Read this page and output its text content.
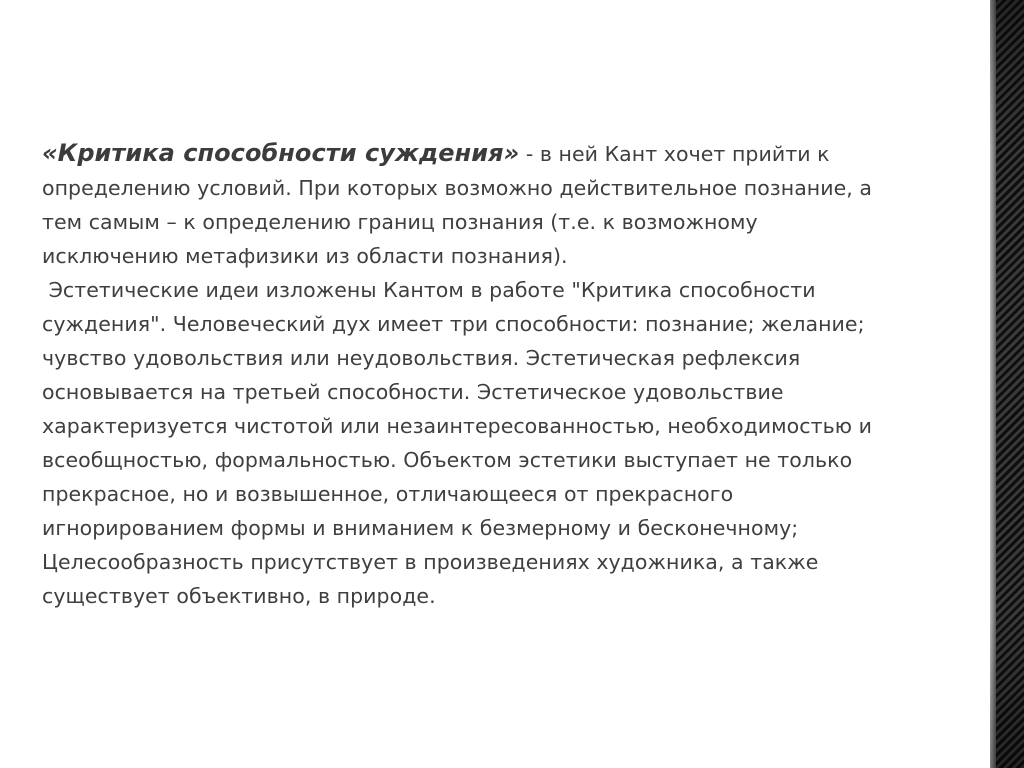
«Критика способности суждения» - в ней Кант хочет прийти к
определению условий. При которых возможно действительное познание, а
тем самым – к определению границ познания (т.е. к возможному
исключению метафизики из области познания).
Эстетические идеи изложены Кантом в работе "Критика способности
суждения". Человеческий дух имеет три способности: познание; желание;
чувство удовольствия или неудовольствия. Эстетическая рефлексия
основывается на третьей способности. Эстетическое удовольствие
характеризуется чистотой или незаинтересованностью, необходимостью и
всеобщностью, формальностью. Объектом эстетики выступает не только
прекрасное, но и возвышенное, отличающееся от прекрасного
игнорированием формы и вниманием к безмерному и бесконечному;
Целесообразность присутствует в произведениях художника, а также
существует объективно, в природе.
